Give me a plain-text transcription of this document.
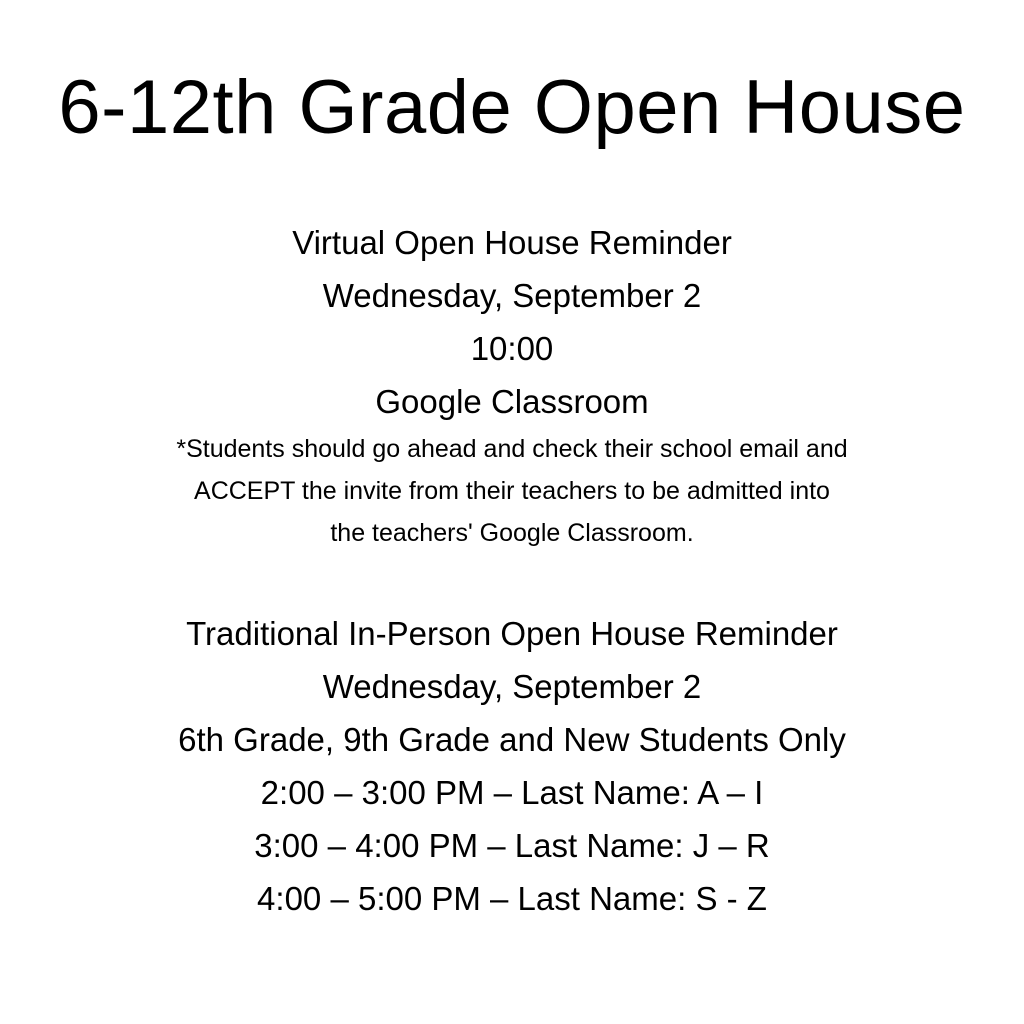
6-12th Grade Open House
Virtual Open House Reminder
Wednesday, September 2
10:00
Google Classroom
*Students should go ahead and check their school email and
ACCEPT the invite from their teachers to be admitted into
the teachers' Google Classroom.
Traditional In-Person Open House Reminder
Wednesday, September 2
6th Grade, 9th Grade and New Students Only
2:00 – 3:00 PM – Last Name: A – I
3:00 – 4:00 PM – Last Name: J – R
4:00 – 5:00 PM – Last Name: S - Z
